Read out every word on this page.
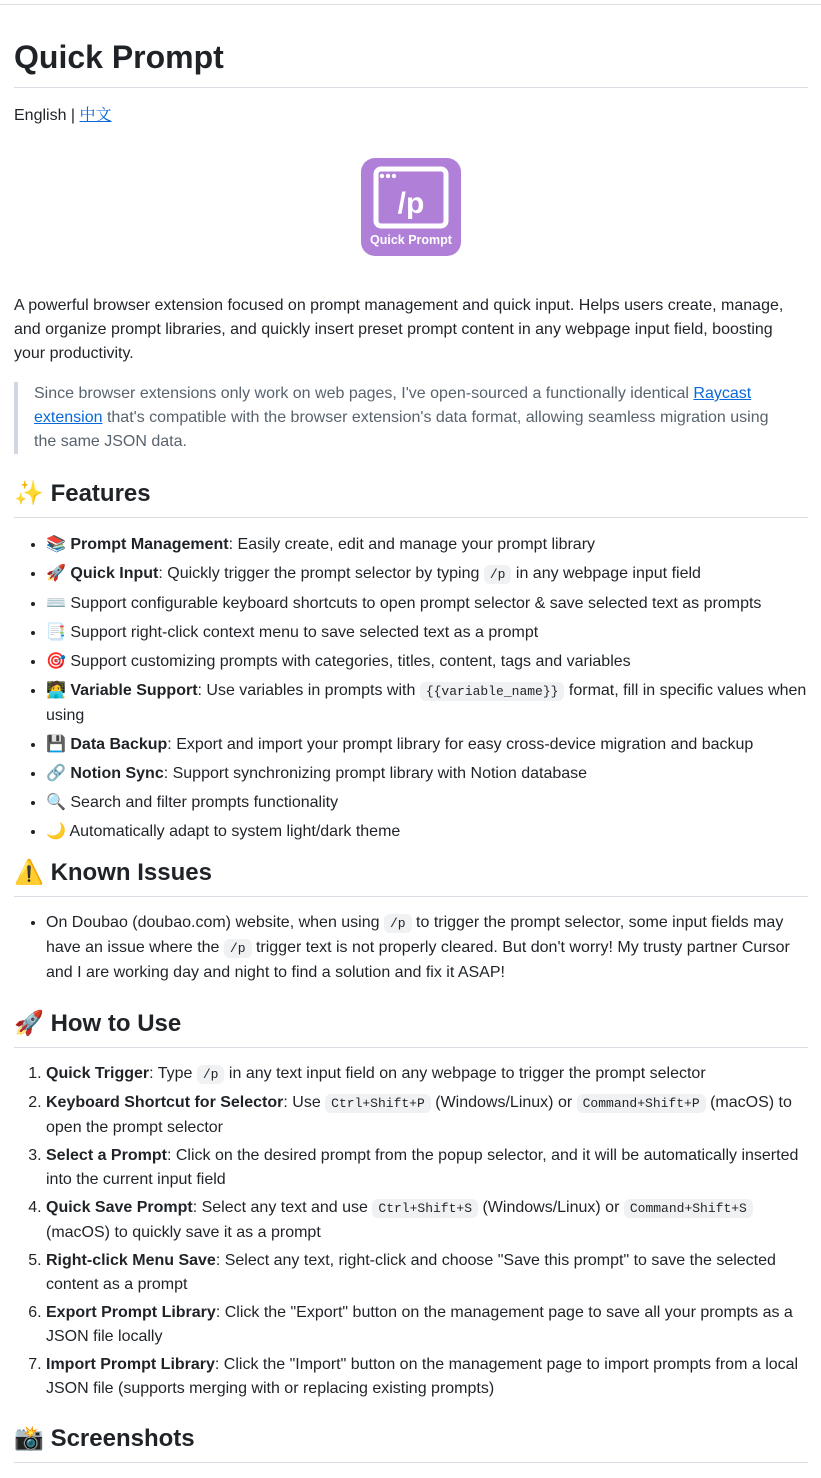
Quick Prompt
English | 中文
/p
Quick Prompt

A powerful browser extension focused on prompt management and quick input. Helps users create, manage, and organize prompt libraries, and quickly insert preset prompt content in any webpage input field, boosting your productivity.

Since browser extensions only work on web pages, I've open-sourced a functionally identical Raycast extension that's compatible with the browser extension's data format, allowing seamless migration using the same JSON data.

✨ Features
• 📚 Prompt Management: Easily create, edit and manage your prompt library
• 🚀 Quick Input: Quickly trigger the prompt selector by typing /p in any webpage input field
• ⌨️ Support configurable keyboard shortcuts to open prompt selector & save selected text as prompts
• 📑 Support right-click context menu to save selected text as a prompt
• 🎯 Support customizing prompts with categories, titles, content, tags and variables
• 🧑‍💻 Variable Support: Use variables in prompts with {{variable_name}} format, fill in specific values when using
• 💾 Data Backup: Export and import your prompt library for easy cross-device migration and backup
• 🔗 Notion Sync: Support synchronizing prompt library with Notion database
• 🔍 Search and filter prompts functionality
• 🌙 Automatically adapt to system light/dark theme
⚠️ Known Issues
• On Doubao (doubao.com) website, when using /p to trigger the prompt selector, some input fields may have an issue where the /p trigger text is not properly cleared. But don't worry! My trusty partner Cursor and I are working day and night to find a solution and fix it ASAP!
🚀 How to Use
1. Quick Trigger: Type /p in any text input field on any webpage to trigger the prompt selector
2. Keyboard Shortcut for Selector: Use Ctrl+Shift+P (Windows/Linux) or Command+Shift+P (macOS) to open the prompt selector
3. Select a Prompt: Click on the desired prompt from the popup selector, and it will be automatically inserted into the current input field
4. Quick Save Prompt: Select any text and use Ctrl+Shift+S (Windows/Linux) or Command+Shift+S (macOS) to quickly save it as a prompt
5. Right-click Menu Save: Select any text, right-click and choose "Save this prompt" to save the selected content as a prompt
6. Export Prompt Library: Click the "Export" button on the management page to save all your prompts as a JSON file locally
7. Import Prompt Library: Click the "Import" button on the management page to import prompts from a local JSON file (supports merging with or replacing existing prompts)
📸 Screenshots
